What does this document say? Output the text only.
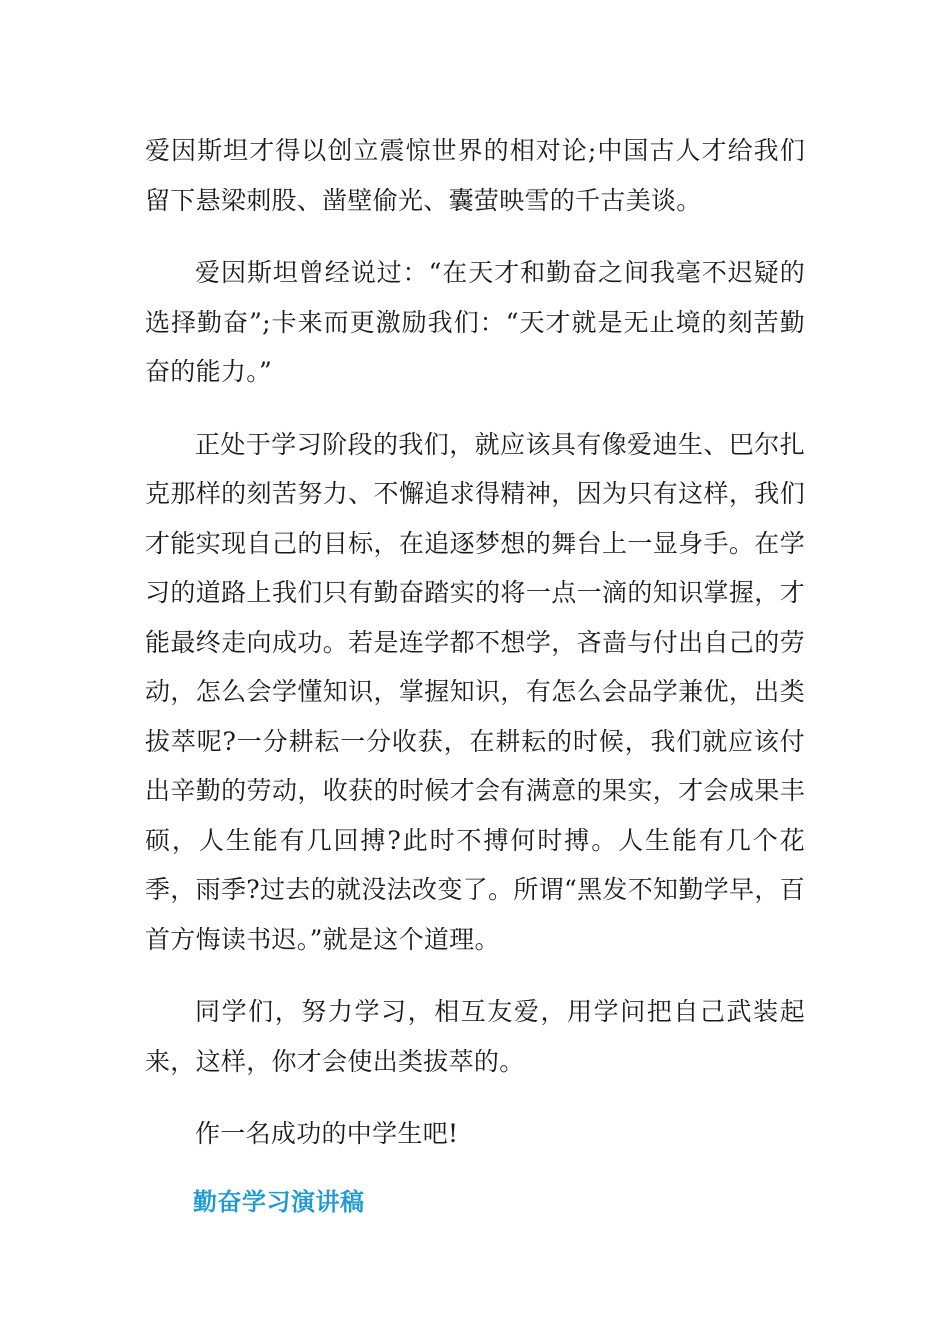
爱因斯坦才得以创立震惊世界的相对论;中国古人才给我们留下悬梁刺股、凿壁偷光、囊萤映雪的千古美谈。

爱因斯坦曾经说过：“在天才和勤奋之间我毫不迟疑的选择勤奋”;卡来而更激励我们：“天才就是无止境的刻苦勤奋的能力。”

正处于学习阶段的我们，就应该具有像爱迪生、巴尔扎克那样的刻苦努力、不懈追求得精神，因为只有这样，我们才能实现自己的目标，在追逐梦想的舞台上一显身手。在学习的道路上我们只有勤奋踏实的将一点一滴的知识掌握，才能最终走向成功。若是连学都不想学，吝啬与付出自己的劳动，怎么会学懂知识，掌握知识，有怎么会品学兼优，出类拔萃呢?一分耕耘一分收获，在耕耘的时候，我们就应该付出辛勤的劳动，收获的时候才会有满意的果实，才会成果丰硕，人生能有几回搏?此时不搏何时搏。人生能有几个花季，雨季?过去的就没法改变了。所谓“黑发不知勤学早，百首方悔读书迟。”就是这个道理。

同学们，努力学习，相互友爱，用学问把自己武装起来，这样，你才会使出类拔萃的。

作一名成功的中学生吧!

勤奋学习演讲稿
